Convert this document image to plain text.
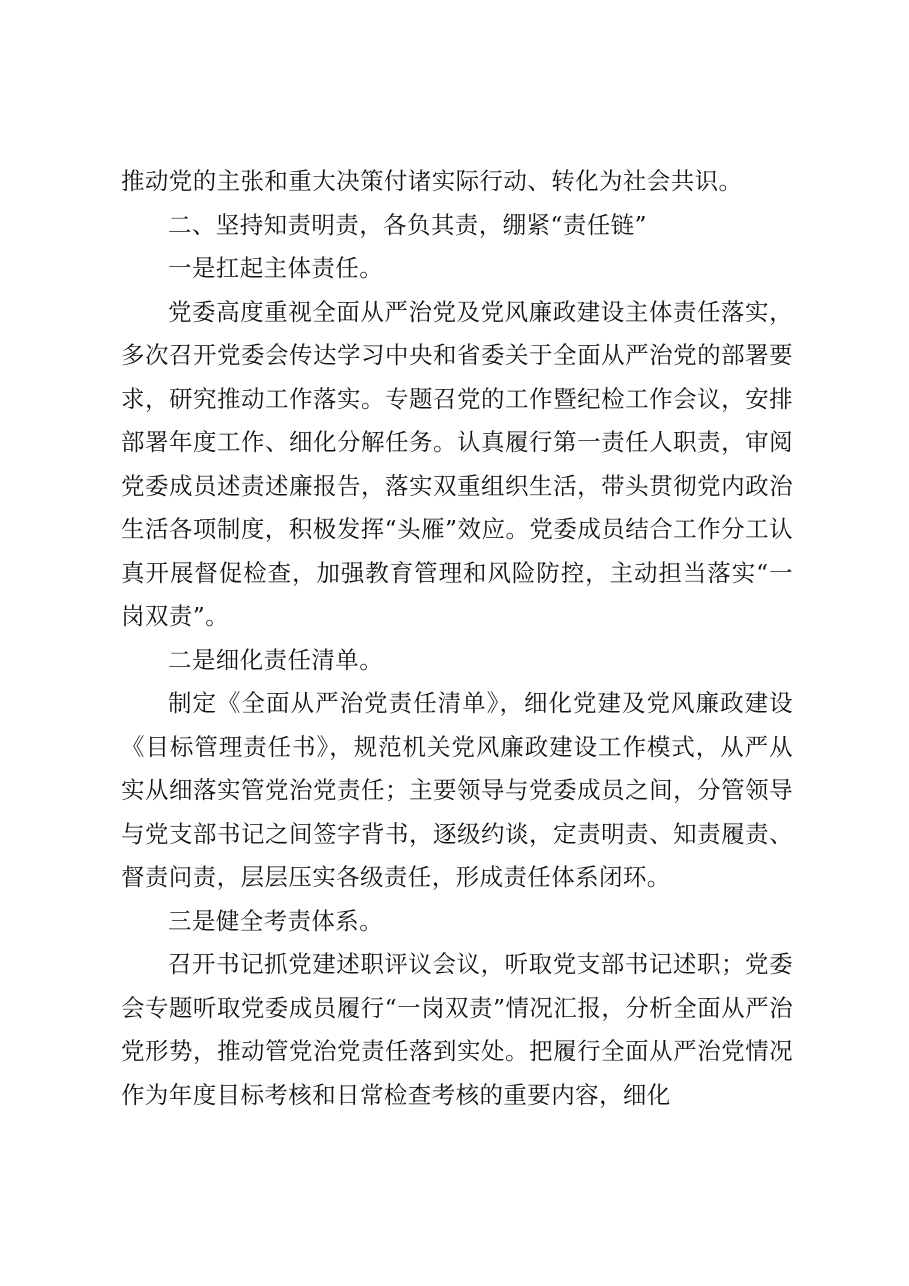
推动党的主张和重大决策付诸实际行动、转化为社会共识。

二、坚持知责明责，各负其责，绷紧“责任链”

一是扛起主体责任。

党委高度重视全面从严治党及党风廉政建设主体责任落实，多次召开党委会传达学习中央和省委关于全面从严治党的部署要求，研究推动工作落实。专题召党的工作暨纪检工作会议，安排部署年度工作、细化分解任务。认真履行第一责任人职责，审阅党委成员述责述廉报告，落实双重组织生活，带头贯彻党内政治生活各项制度，积极发挥“头雁”效应。党委成员结合工作分工认真开展督促检查，加强教育管理和风险防控，主动担当落实“一岗双责”。

二是细化责任清单。

制定《全面从严治党责任清单》，细化党建及党风廉政建设《目标管理责任书》，规范机关党风廉政建设工作模式，从严从实从细落实管党治党责任；主要领导与党委成员之间，分管领导与党支部书记之间签字背书，逐级约谈，定责明责、知责履责、督责问责，层层压实各级责任，形成责任体系闭环。

三是健全考责体系。

召开书记抓党建述职评议会议，听取党支部书记述职；党委会专题听取党委成员履行“一岗双责”情况汇报，分析全面从严治党形势，推动管党治党责任落到实处。把履行全面从严治党情况作为年度目标考核和日常检查考核的重要内容，细化
